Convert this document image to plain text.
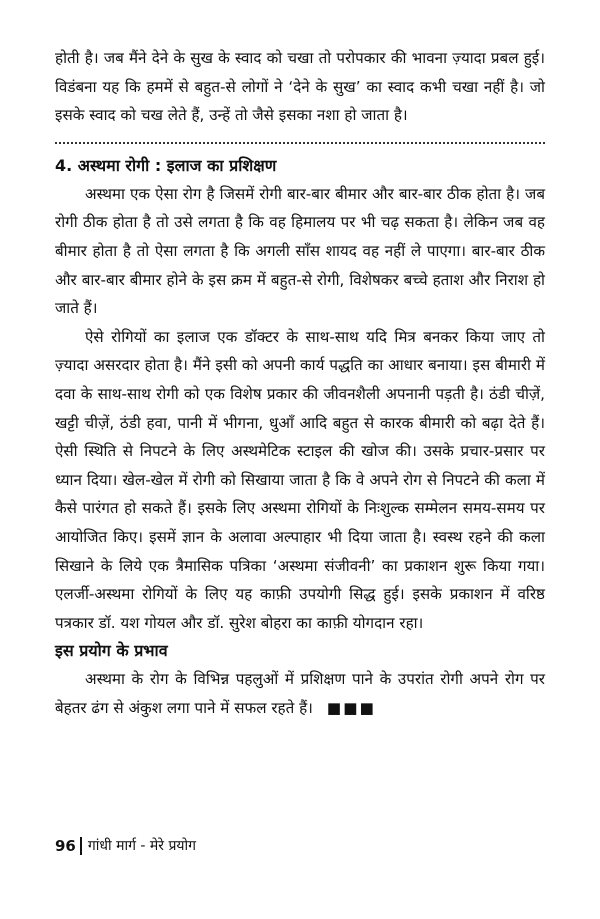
होती है। जब मैंने देने के सुख के स्वाद को चखा तो परोपकार की भावना ज़्यादा प्रबल हुई। विडंबना यह कि हममें से बहुत-से लोगों ने ‘देने के सुख’ का स्वाद कभी चखा नहीं है। जो इसके स्वाद को चख लेते हैं, उन्हें तो जैसे इसका नशा हो जाता है।

4. अस्थमा रोगी : इलाज का प्रशिक्षण

अस्थमा एक ऐसा रोग है जिसमें रोगी बार-बार बीमार और बार-बार ठीक होता है। जब रोगी ठीक होता है तो उसे लगता है कि वह हिमालय पर भी चढ़ सकता है। लेकिन जब वह बीमार होता है तो ऐसा लगता है कि अगली साँस शायद वह नहीं ले पाएगा। बार-बार ठीक और बार-बार बीमार होने के इस क्रम में बहुत-से रोगी, विशेषकर बच्चे हताश और निराश हो जाते हैं।

ऐसे रोगियों का इलाज एक डॉक्टर के साथ-साथ यदि मित्र बनकर किया जाए तो ज़्यादा असरदार होता है। मैंने इसी को अपनी कार्य पद्धति का आधार बनाया। इस बीमारी में दवा के साथ-साथ रोगी को एक विशेष प्रकार की जीवनशैली अपनानी पड़ती है। ठंडी चीज़ें, खट्टी चीज़ें, ठंडी हवा, पानी में भीगना, धुआँ आदि बहुत से कारक बीमारी को बढ़ा देते हैं। ऐसी स्थिति से निपटने के लिए अस्थमेटिक स्टाइल की खोज की। उसके प्रचार-प्रसार पर ध्यान दिया। खेल-खेल में रोगी को सिखाया जाता है कि वे अपने रोग से निपटने की कला में कैसे पारंगत हो सकते हैं। इसके लिए अस्थमा रोगियों के निःशुल्क सम्मेलन समय-समय पर आयोजित किए। इसमें ज्ञान के अलावा अल्पाहार भी दिया जाता है। स्वस्थ रहने की कला सिखाने के लिये एक त्रैमासिक पत्रिका ‘अस्थमा संजीवनी’ का प्रकाशन शुरू किया गया। एलर्जी-अस्थमा रोगियों के लिए यह काफ़ी उपयोगी सिद्ध हुई। इसके प्रकाशन में वरिष्ठ पत्रकार डॉ. यश गोयल और डॉ. सुरेश बोहरा का काफ़ी योगदान रहा।

इस प्रयोग के प्रभाव

अस्थमा के रोग के विभिन्न पहलुओं में प्रशिक्षण पाने के उपरांत रोगी अपने रोग पर बेहतर ढंग से अंकुश लगा पाने में सफल रहते हैं। ■■■

96 गांधी मार्ग - मेरे प्रयोग
